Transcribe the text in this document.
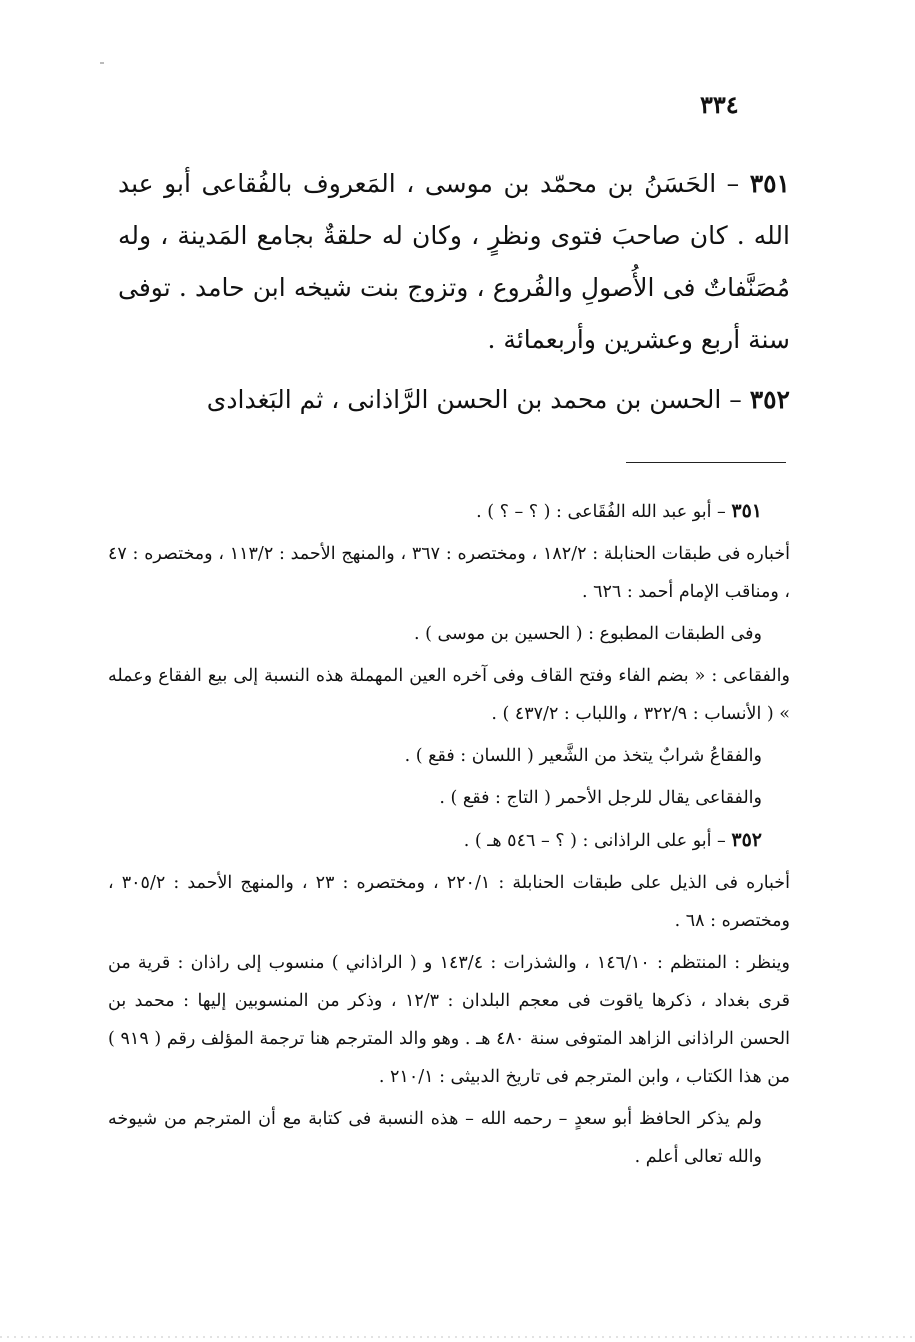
٣٣٤

٣٥١ – الحَسَنُ بن محمّد بن موسى ، المَعروف بالفُقاعى أبو عبد الله . كان صاحبَ فتوى ونظرٍ ، وكان له حلقةٌ بجامع المَدينة ، وله مُصَنَّفاتٌ فى الأُصولِ والفُروع ، وتزوج بنت شيخه ابن حامد . توفى سنة أربع وعشرين وأربعمائة .

٣٥٢ – الحسن بن محمد بن الحسن الرَّاذانى ، ثم البَغدادى

٣٥١ – أبو عبد الله الفُقَاعى : ( ؟ – ؟ ) .

أخباره فى طبقات الحنابلة : ١٨٢/٢ ، ومختصره : ٣٦٧ ، والمنهج الأحمد : ١١٣/٢ ، ومختصره : ٤٧ ، ومناقب الإمام أحمد : ٦٢٦ .

وفى الطبقات المطبوع : ( الحسين بن موسى ) .

والفقاعى : « بضم الفاء وفتح القاف وفى آخره العين المهملة هذه النسبة إلى بيع الفقاع وعمله » ( الأنساب : ٣٢٢/٩ ، واللباب : ٤٣٧/٢ ) .

والفقاعُ شرابٌ يتخذ من الشَّعير ( اللسان : فقع ) .

والفقاعى يقال للرجل الأحمر ( التاج : فقع ) .

٣٥٢ – أبو على الراذانى : ( ؟ – ٥٤٦ هـ ) .

أخباره فى الذيل على طبقات الحنابلة : ٢٢٠/١ ، ومختصره : ٢٣ ، والمنهج الأحمد : ٣٠٥/٢ ، ومختصره : ٦٨ .

وينظر : المنتظم : ١٤٦/١٠ ، والشذرات : ١٤٣/٤ و ( الراذاني ) منسوب إلى راذان : قرية من قرى بغداد ، ذكرها ياقوت فى معجم البلدان : ١٢/٣ ، وذكر من المنسوبين إليها : محمد بن الحسن الراذانى الزاهد المتوفى سنة ٤٨٠ هـ . وهو والد المترجم هنا ترجمة المؤلف رقم ( ٩١٩ ) من هذا الكتاب ، وابن المترجم فى تاريخ الدبيثى : ٢١٠/١ .

ولم يذكر الحافظ أبو سعدٍ – رحمه الله – هذه النسبة فى كتابة مع أن المترجم من شيوخه والله تعالى أعلم .
